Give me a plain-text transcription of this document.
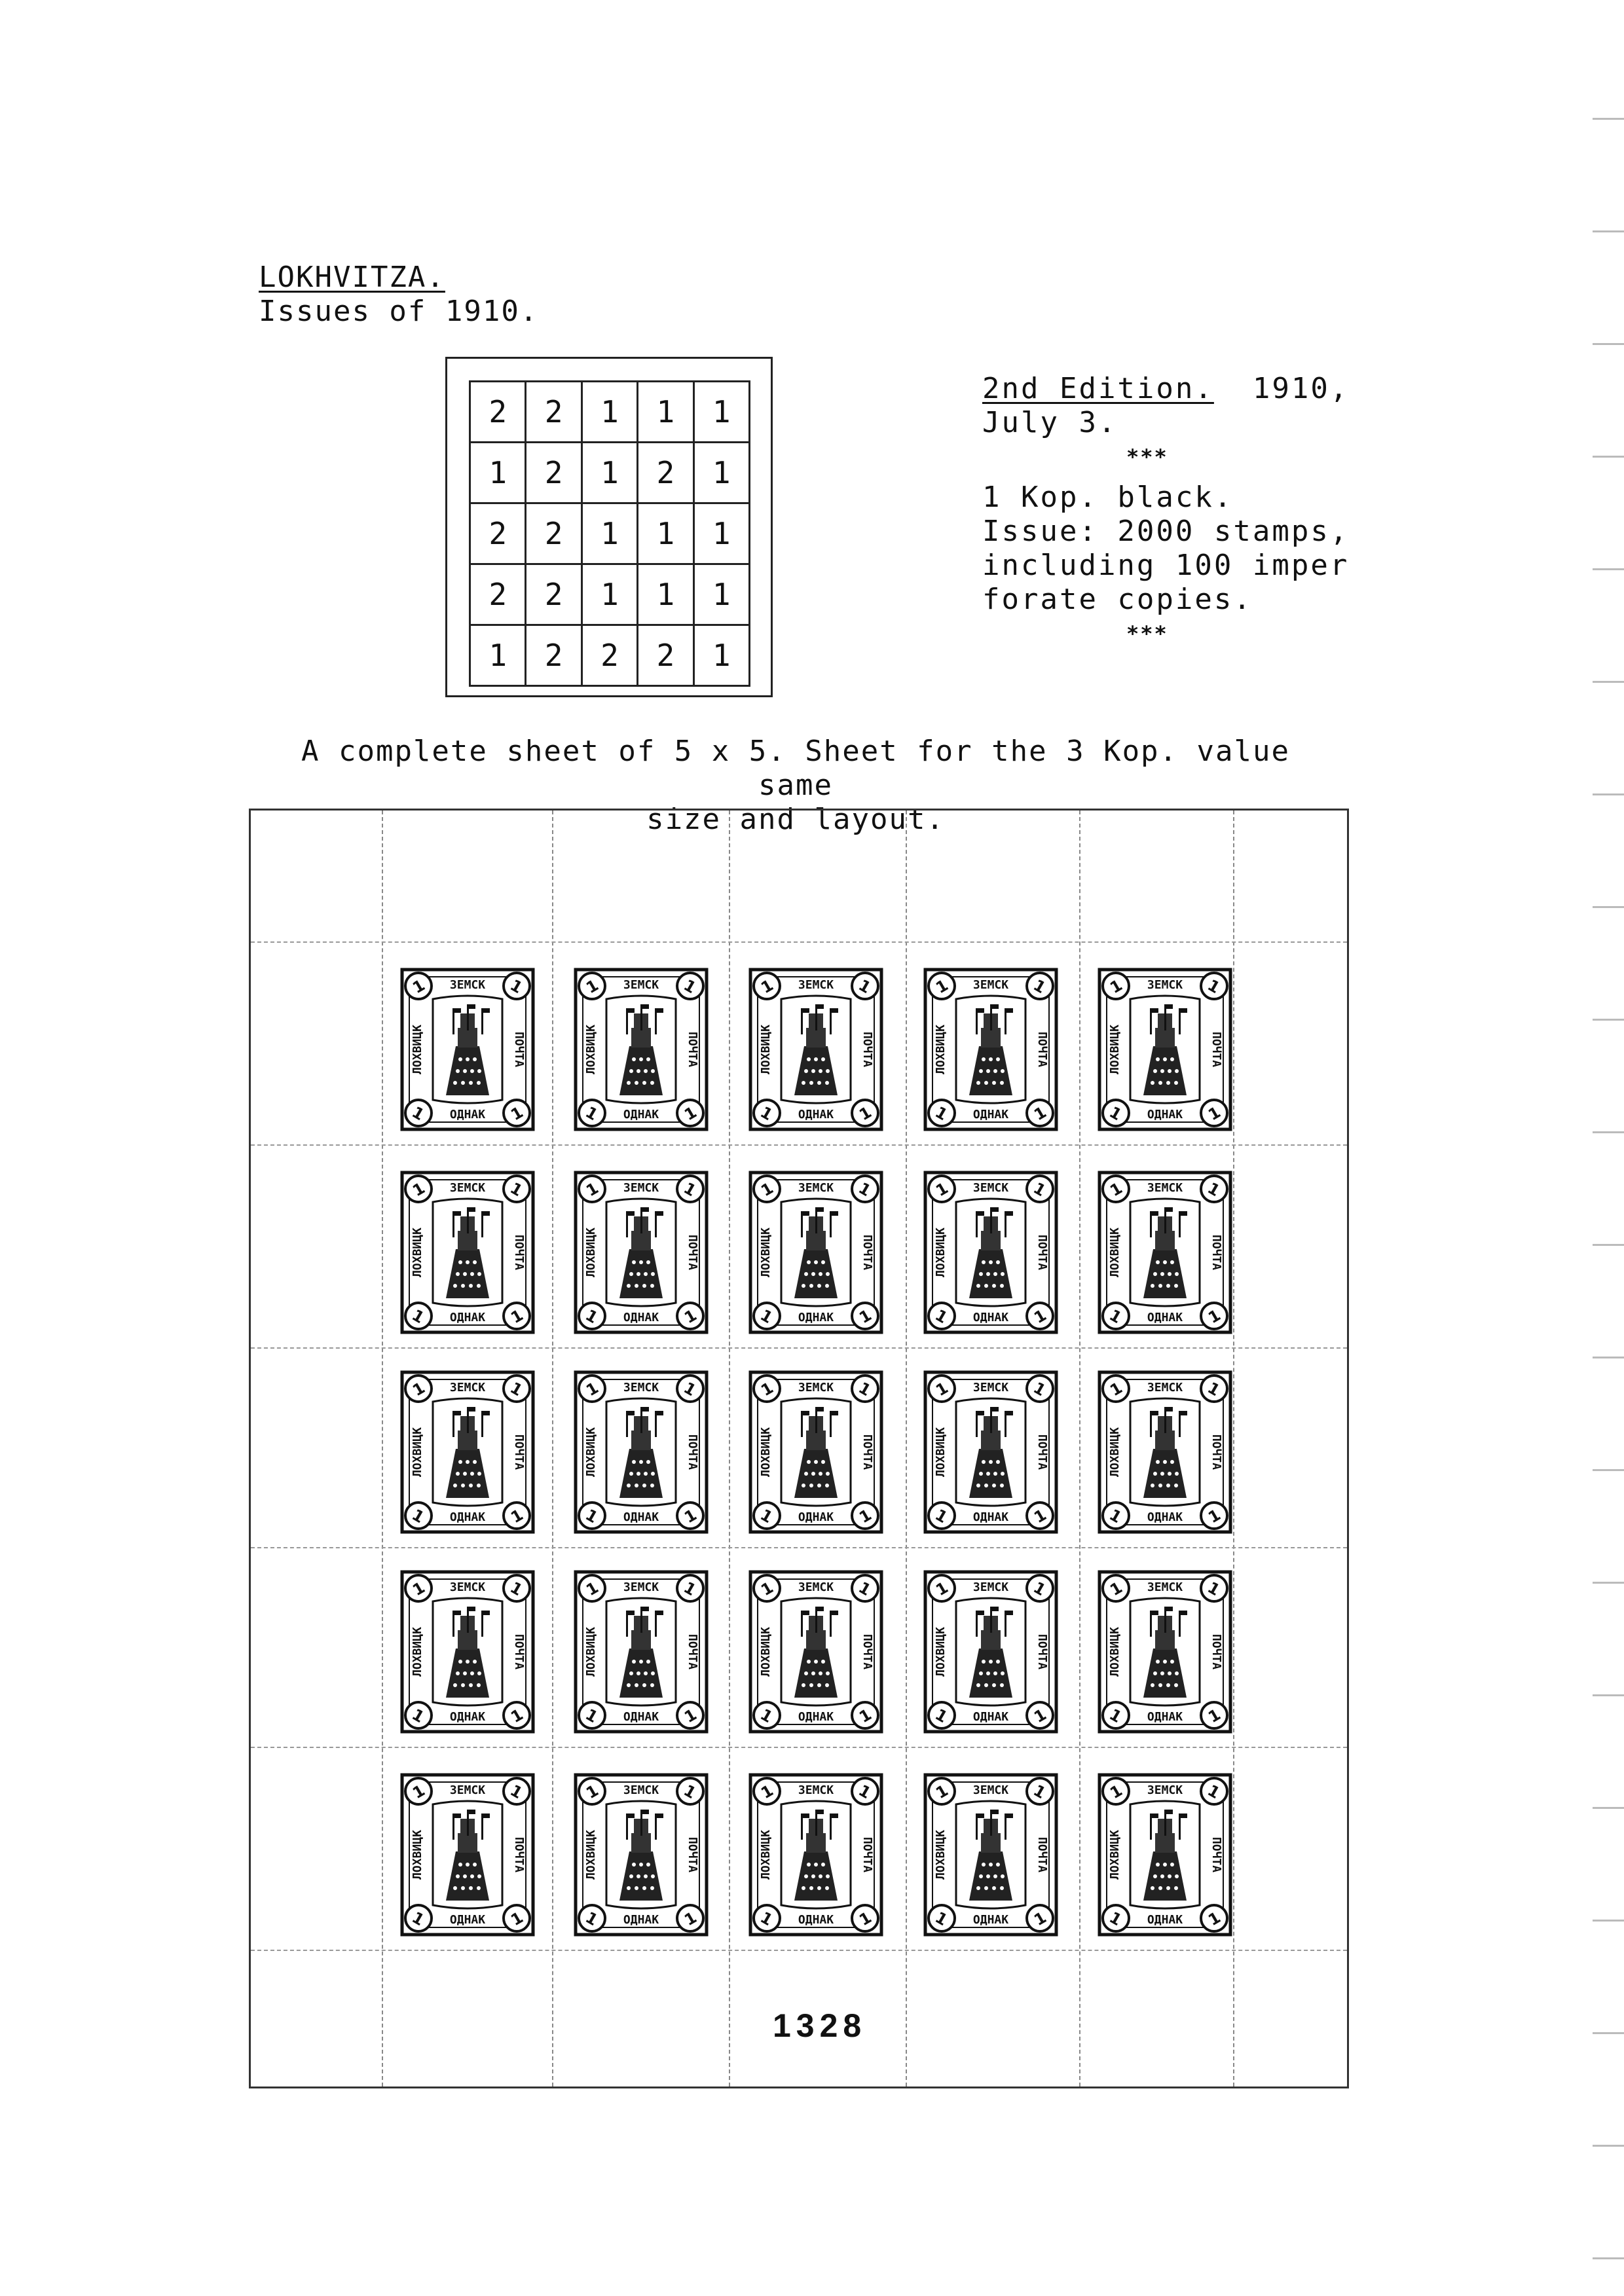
LOKHVITZA.
Issues of 1910.
2	2	1	1	1
1	2	1	2	1
2	2	1	1	1
2	2	1	1	1
1	2	2	2	1
2nd Edition. 1910,
July 3.
***
1 Kop. black.
Issue: 2000 stamps,
including 100 imper
forate copies.
***
A complete sheet of 5 x 5. Sheet for the 3 Kop. value same
size and layout.
ЗЕМСК
ОДНАК
ЛОХВИЦК	ПОЧТА
1	1
1	1
ЗЕМСК
ОДНАК
ЛОХВИЦК	ПОЧТА
1	1
1	1
ЗЕМСК
ОДНАК
ЛОХВИЦК	ПОЧТА
1	1
1	1
ЗЕМСК
ОДНАК
ЛОХВИЦК	ПОЧТА
1	1
1	1
ЗЕМСК
ОДНАК
ЛОХВИЦК	ПОЧТА
1	1
1	1
ЗЕМСК
ОДНАК
ЛОХВИЦК	ПОЧТА
1	1
1	1
ЗЕМСК
ОДНАК
ЛОХВИЦК	ПОЧТА
1	1
1	1
ЗЕМСК
ОДНАК
ЛОХВИЦК	ПОЧТА
1	1
1	1
ЗЕМСК
ОДНАК
ЛОХВИЦК	ПОЧТА
1	1
1	1
ЗЕМСК
ОДНАК
ЛОХВИЦК	ПОЧТА
1	1
1	1
ЗЕМСК
ОДНАК
ЛОХВИЦК	ПОЧТА
1	1
1	1
ЗЕМСК
ОДНАК
ЛОХВИЦК	ПОЧТА
1	1
1	1
ЗЕМСК
ОДНАК
ЛОХВИЦК	ПОЧТА
1	1
1	1
ЗЕМСК
ОДНАК
ЛОХВИЦК	ПОЧТА
1	1
1	1
ЗЕМСК
ОДНАК
ЛОХВИЦК	ПОЧТА
1	1
1	1
ЗЕМСК
ОДНАК
ЛОХВИЦК	ПОЧТА
1	1
1	1
ЗЕМСК
ОДНАК
ЛОХВИЦК	ПОЧТА
1	1
1	1
ЗЕМСК
ОДНАК
ЛОХВИЦК	ПОЧТА
1	1
1	1
ЗЕМСК
ОДНАК
ЛОХВИЦК	ПОЧТА
1	1
1	1
ЗЕМСК
ОДНАК
ЛОХВИЦК	ПОЧТА
1	1
1	1
ЗЕМСК
ОДНАК
ЛОХВИЦК	ПОЧТА
1	1
1	1
ЗЕМСК
ОДНАК
ЛОХВИЦК	ПОЧТА
1	1
1	1
ЗЕМСК
ОДНАК
ЛОХВИЦК	ПОЧТА
1	1
1	1
ЗЕМСК
ОДНАК
ЛОХВИЦК	ПОЧТА
1	1
1	1
ЗЕМСК
ОДНАК
ЛОХВИЦК	ПОЧТА
1	1
1	1
1328
